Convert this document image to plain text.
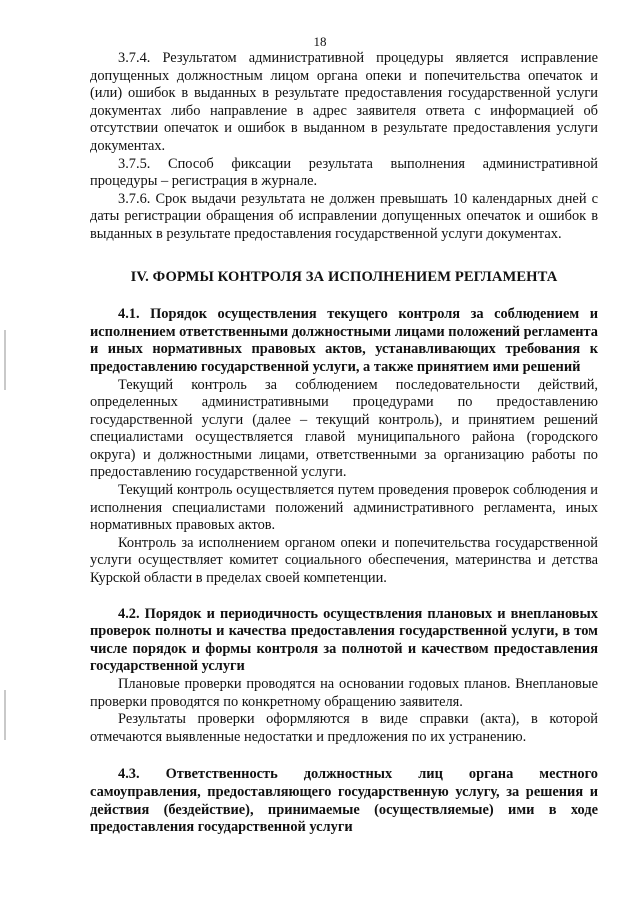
18

3.7.4. Результатом административной процедуры является исправление допущенных должностным лицом органа опеки и попечительства опечаток и (или) ошибок в выданных в результате предоставления государственной услуги документах либо направление в адрес заявителя ответа с информацией об отсутствии опечаток и ошибок в выданном в результате предоставления услуги документах.

3.7.5. Способ фиксации результата выполнения административной процедуры – регистрация в журнале.

3.7.6. Срок выдачи результата не должен превышать 10 календарных дней с даты регистрации обращения об исправлении допущенных опечаток и ошибок в выданных в результате предоставления государственной услуги документах.

IV. ФОРМЫ КОНТРОЛЯ ЗА ИСПОЛНЕНИЕМ РЕГЛАМЕНТА

4.1. Порядок осуществления текущего контроля за соблюдением и исполнением ответственными должностными лицами положений регламента и иных нормативных правовых актов, устанавливающих требования к предоставлению государственной услуги, а также принятием ими решений

Текущий контроль за соблюдением последовательности действий, определенных административными процедурами по предоставлению государственной услуги (далее – текущий контроль), и принятием решений специалистами осуществляется главой муниципального района (городского округа) и должностными лицами, ответственными за организацию работы по предоставлению государственной услуги.

Текущий контроль осуществляется путем проведения проверок соблюдения и исполнения специалистами положений административного регламента, иных нормативных правовых актов.

Контроль за исполнением органом опеки и попечительства государственной услуги осуществляет комитет социального обеспечения, материнства и детства Курской области в пределах своей компетенции.

4.2. Порядок и периодичность осуществления плановых и внеплановых проверок полноты и качества предоставления государственной услуги, в том числе порядок и формы контроля за полнотой и качеством предоставления государственной услуги

Плановые проверки проводятся на основании годовых планов. Внеплановые проверки проводятся по конкретному обращению заявителя.

Результаты проверки оформляются в виде справки (акта), в которой отмечаются выявленные недостатки и предложения по их устранению.

4.3. Ответственность должностных лиц органа местного самоуправления, предоставляющего государственную услугу, за решения и действия (бездействие), принимаемые (осуществляемые) ими в ходе предоставления государственной услуги
